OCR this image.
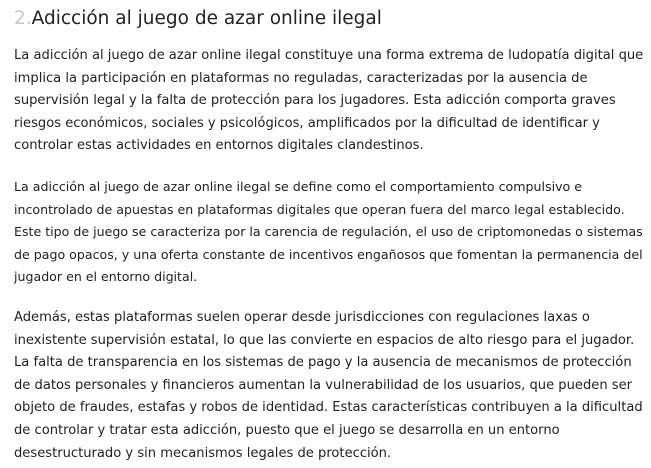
2.Adicción al juego de azar online ilegal

La adicción al juego de azar online ilegal constituye una forma extrema de ludopatía digital que implica la participación en plataformas no reguladas, caracterizadas por la ausencia de supervisión legal y la falta de protección para los jugadores. Esta adicción comporta graves riesgos económicos, sociales y psicológicos, amplificados por la dificultad de identificar y controlar estas actividades en entornos digitales clandestinos.

La adicción al juego de azar online ilegal se define como el comportamiento compulsivo e incontrolado de apuestas en plataformas digitales que operan fuera del marco legal establecido. Este tipo de juego se caracteriza por la carencia de regulación, el uso de criptomonedas o sistemas de pago opacos, y una oferta constante de incentivos engañosos que fomentan la permanencia del jugador en el entorno digital.

Además, estas plataformas suelen operar desde jurisdicciones con regulaciones laxas o inexistente supervisión estatal, lo que las convierte en espacios de alto riesgo para el jugador. La falta de transparencia en los sistemas de pago y la ausencia de mecanismos de protección de datos personales y financieros aumentan la vulnerabilidad de los usuarios, que pueden ser objeto de fraudes, estafas y robos de identidad. Estas características contribuyen a la dificultad de controlar y tratar esta adicción, puesto que el juego se desarrolla en un entorno desestructurado y sin mecanismos legales de protección.
